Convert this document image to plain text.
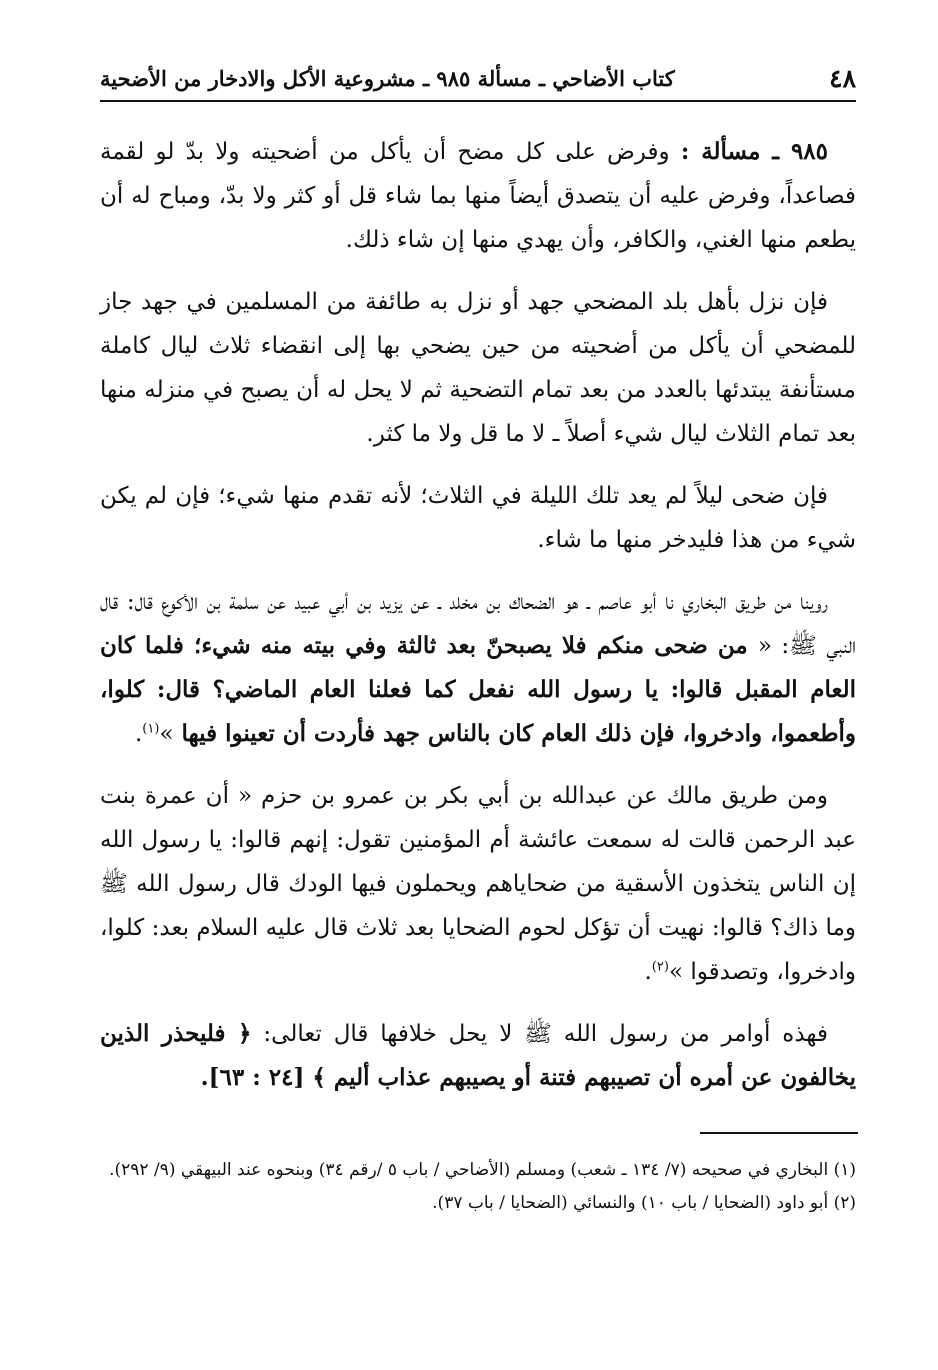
٤٨
كتاب الأضاحي ـ مسألة ٩٨٥ ـ مشروعية الأكل والادخار من الأضحية

٩٨٥ ـ مسألة : وفرض على كل مضح أن يأكل من أضحيته ولا بدّ لو لقمة فصاعداً، وفرض عليه أن يتصدق أيضاً منها بما شاء قل أو كثر ولا بدّ، ومباح له أن يطعم منها الغني، والكافر، وأن يهدي منها إن شاء ذلك.

فإن نزل بأهل بلد المضحي جهد أو نزل به طائفة من المسلمين في جهد جاز للمضحي أن يأكل من أضحيته من حين يضحي بها إلى انقضاء ثلاث ليال كاملة مستأنفة يبتدئها بالعدد من بعد تمام التضحية ثم لا يحل له أن يصبح في منزله منها بعد تمام الثلاث ليال شيء أصلاً ـ لا ما قل ولا ما كثر.

فإن ضحى ليلاً لم يعد تلك الليلة في الثلاث؛ لأنه تقدم منها شيء؛ فإن لم يكن شيء من هذا فليدخر منها ما شاء.

روينا من طريق البخاري نا أبو عاصم ـ هو الضحاك بن مخلد ـ عن يزيد بن أبي عبيد عن سلمة بن الأكوع قال: قال النبي ﷺ: « من ضحى منكم فلا يصبحنّ بعد ثالثة وفي بيته منه شيء؛ فلما كان العام المقبل قالوا: يا رسول الله نفعل كما فعلنا العام الماضي؟ قال: كلوا، وأطعموا، وادخروا، فإن ذلك العام كان بالناس جهد فأردت أن تعينوا فيها »$^{(١)}$.

ومن طريق مالك عن عبدالله بن أبي بكر بن عمرو بن حزم « أن عمرة بنت عبد الرحمن قالت له سمعت عائشة أم المؤمنين تقول: إنهم قالوا: يا رسول الله إن الناس يتخذون الأسقية من ضحاياهم ويحملون فيها الودك قال رسول الله ﷺ وما ذاك؟ قالوا: نهيت أن تؤكل لحوم الضحايا بعد ثلاث قال عليه السلام بعد: كلوا، وادخروا، وتصدقوا »$^{(٢)}$.

فهذه أوامر من رسول الله ﷺ لا يحل خلافها قال تعالى: ﴿ فليحذر الذين يخالفون عن أمره أن تصيبهم فتنة أو يصيبهم عذاب أليم ﴾ [٢٤ : ٦٣].

(١) البخاري في صحيحه (٧/ ١٣٤ ـ شعب) ومسلم (الأضاحي / باب ٥ /رقم ٣٤) وبنحوه عند البيهقي (٩/ ٢٩٢).

(٢) أبو داود (الضحايا / باب ١٠) والنسائي (الضحايا / باب ٣٧).
